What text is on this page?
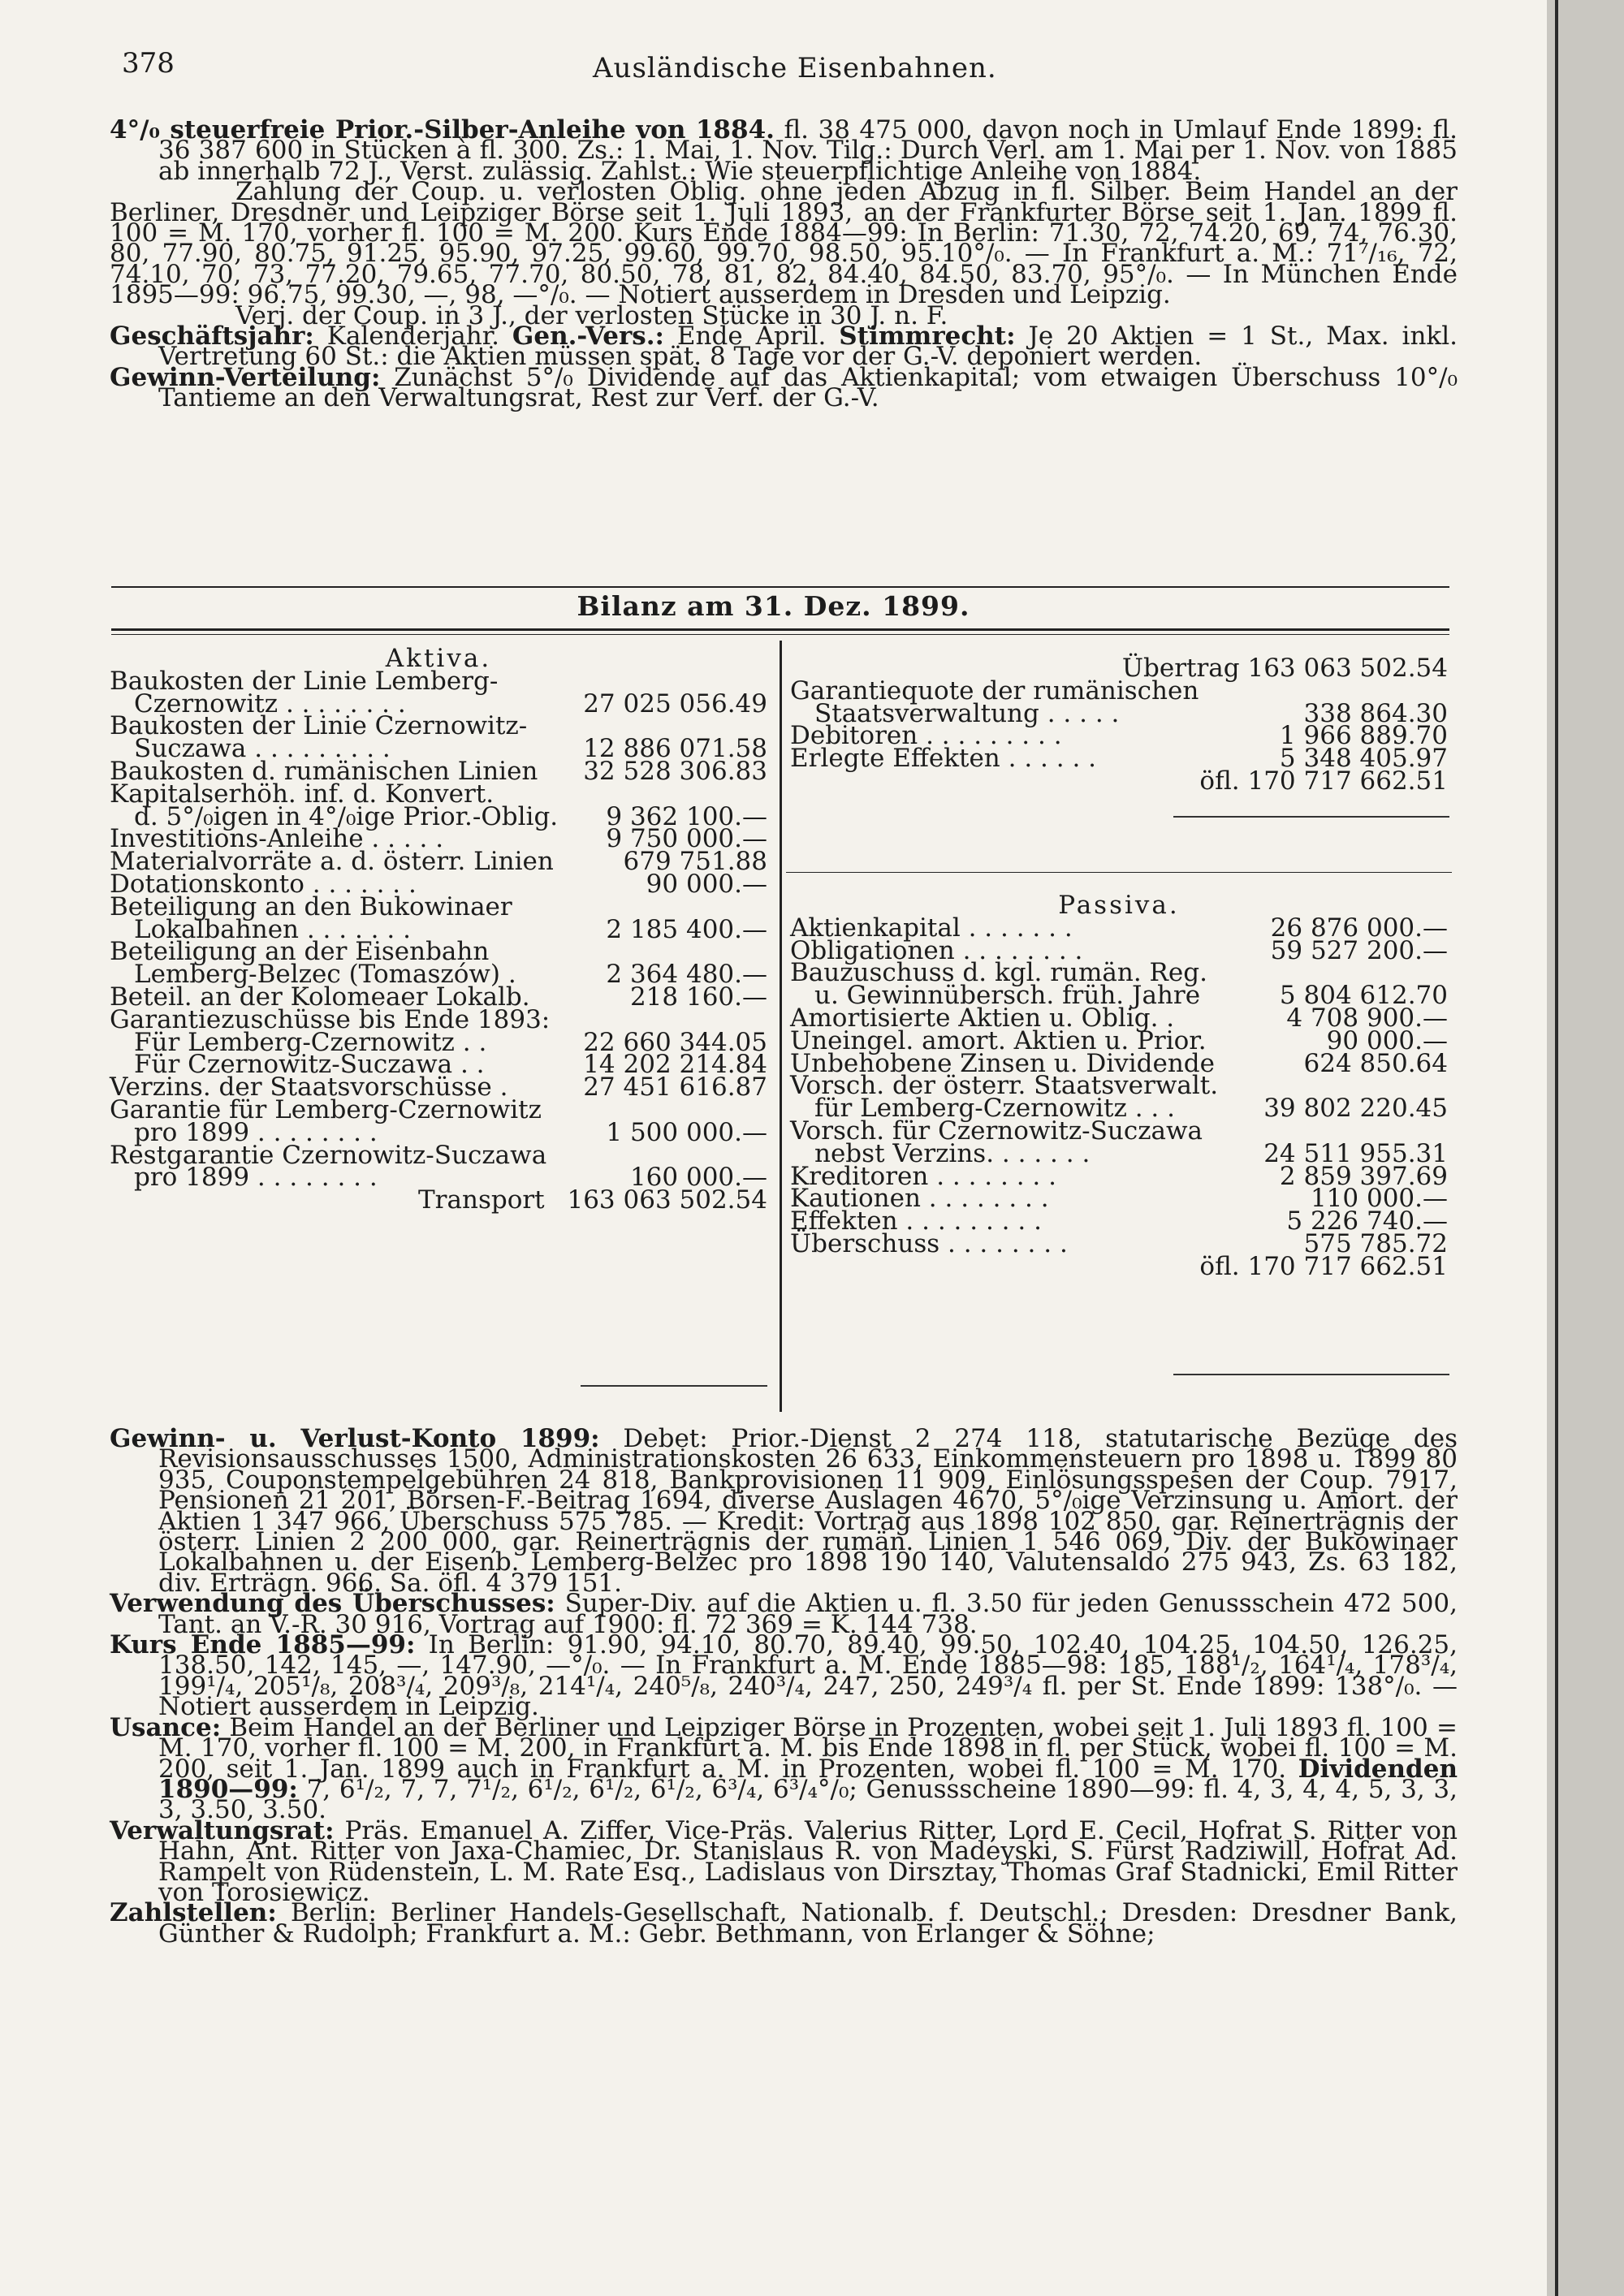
378	Ausländische Eisenbahnen.

4°/₀ steuerfreie Prior.-Silber-Anleihe von 1884. fl. 38 475 000, davon noch in Umlauf Ende 1899: fl. 36 387 600 in Stücken à fl. 300. Zs.: 1. Mai, 1. Nov. Tilg.: Durch Verl. am 1. Mai per 1. Nov. von 1885 ab innerhalb 72 J., Verst. zulässig. Zahlst.: Wie steuerpflichtige Anleihe von 1884.

Zahlung der Coup. u. verlosten Oblig. ohne jeden Abzug in fl. Silber. Beim Handel an der Berliner, Dresdner und Leipziger Börse seit 1. Juli 1893, an der Frankfurter Börse seit 1. Jan. 1899 fl. 100 = M. 170, vorher fl. 100 = M. 200. Kurs Ende 1884—99: In Berlin: 71.30, 72, 74.20, 69, 74, 76.30, 80, 77.90, 80.75, 91.25, 95.90, 97.25, 99.60, 99.70, 98.50, 95.10°/₀. — In Frankfurt a. M.: 71⁷/₁₆, 72, 74.10, 70, 73, 77.20, 79.65, 77.70, 80.50, 78, 81, 82, 84.40, 84.50, 83.70, 95°/₀. — In München Ende 1895—99: 96.75, 99.30, —, 98, —°/₀. — Notiert ausserdem in Dresden und Leipzig.

Verj. der Coup. in 3 J., der verlosten Stücke in 30 J. n. F.

Geschäftsjahr: Kalenderjahr. Gen.-Vers.: Ende April. Stimmrecht: Je 20 Aktien = 1 St., Max. inkl. Vertretung 60 St.: die Aktien müssen spät. 8 Tage vor der G.-V. deponiert werden.

Gewinn-Verteilung: Zunächst 5°/₀ Dividende auf das Aktienkapital; vom etwaigen Überschuss 10°/₀ Tantieme an den Verwaltungsrat, Rest zur Verf. der G.-V.

Bilanz am 31. Dez. 1899.
Aktiva.
Baukosten der Linie Lemberg-
Czernowitz . . . . . . . .	27 025 056.49
Baukosten der Linie Czernowitz-
Suczawa . . . . . . . . .	12 886 071.58
Baukosten d. rumänischen Linien 32 528 306.83
Kapitalserhöh. inf. d. Konvert.
d. 5°/₀igen in 4°/₀ige Prior.-Oblig. 9 362 100.—
Investitions-Anleihe . . . . .	9 750 000.—
Materialvorräte a. d. österr. Linien	679 751.88
Dotationskonto . . . . . . .	90 000.—
Beteiligung an den Bukowinaer
Lokalbahnen . . . . . . .	2 185 400.—
Beteiligung an der Eisenbahn
Lemberg-Belzec (Tomaszów) .	2 364 480.—
Beteil. an der Kolomeaer Lokalb.	218 160.—
Garantiezuschüsse bis Ende 1893:
Für Lemberg-Czernowitz . .	22 660 344.05
Für Czernowitz-Suczawa . .	14 202 214.84
Verzins. der Staatsvorschüsse .	27 451 616.87
Garantie für Lemberg-Czernowitz
pro 1899 . . . . . . . .	1 500 000.—
Restgarantie Czernowitz-Suczawa
pro 1899 . . . . . . . .	160 000.—
Transport 163 063 502.54
Übertrag 163 063 502.54
Garantiequote der rumänischen
Staatsverwaltung . . . . .	338 864.30
Debitoren . . . . . . . . .	1 966 889.70
Erlegte Effekten . . . . . .	5 348 405.97
öfl. 170 717 662.51
Passiva.
Aktienkapital . . . . . . .	26 876 000.—
Obligationen . . . . . . . .	59 527 200.—
Bauzuschuss d. kgl. rumän. Reg.
u. Gewinnübersch. früh. Jahre	5 804 612.70
Amortisierte Aktien u. Oblig. .	4 708 900.—
Uneingel. amort. Aktien u. Prior.	90 000.—
Unbehobene Zinsen u. Dividende	624 850.64
Vorsch. der österr. Staatsverwalt.
für Lemberg-Czernowitz . . .	39 802 220.45
Vorsch. für Czernowitz-Suczawa
nebst Verzins. . . . . . .	24 511 955.31
Kreditoren . . . . . . . .	2 859 397.69
Kautionen . . . . . . . .	110 000.—
Effekten . . . . . . . . .	5 226 740.—
Überschuss . . . . . . . .	575 785.72
öfl. 170 717 662.51

Gewinn- u. Verlust-Konto 1899: Debet: Prior.-Dienst 2 274 118, statutarische Bezüge des Revisionsausschusses 1500, Administrationskosten 26 633, Einkommensteuern pro 1898 u. 1899 80 935, Couponstempelgebühren 24 818, Bankprovisionen 11 909, Einlösungsspesen der Coup. 7917, Pensionen 21 201, Börsen-F.-Beitrag 1694, diverse Auslagen 4670, 5°/₀ige Verzinsung u. Amort. der Aktien 1 347 966, Überschuss 575 785. — Kredit: Vortrag aus 1898 102 850, gar. Reinerträgnis der österr. Linien 2 200 000, gar. Reinerträgnis der rumän. Linien 1 546 069, Div. der Bukowinaer Lokalbahnen u. der Eisenb. Lemberg-Belzec pro 1898 190 140, Valutensaldo 275 943, Zs. 63 182, div. Erträgn. 966. Sa. öfl. 4 379 151.

Verwendung des Überschusses: Super-Div. auf die Aktien u. fl. 3.50 für jeden Genussschein 472 500, Tant. an V.-R. 30 916, Vortrag auf 1900: fl. 72 369 = K. 144 738.

Kurs Ende 1885—99: In Berlin: 91.90, 94.10, 80.70, 89.40, 99.50, 102.40, 104.25, 104.50, 126.25, 138.50, 142, 145, —, 147.90, —°/₀. — In Frankfurt a. M. Ende 1885—98: 185, 188¹/₂, 164¹/₄, 178³/₄, 199¹/₄, 205¹/₈, 208³/₄, 209³/₈, 214¹/₄, 240⁵/₈, 240³/₄, 247, 250, 249³/₄ fl. per St. Ende 1899: 138°/₀. — Notiert ausserdem in Leipzig.

Usance: Beim Handel an der Berliner und Leipziger Börse in Prozenten, wobei seit 1. Juli 1893 fl. 100 = M. 170, vorher fl. 100 = M. 200, in Frankfurt a. M. bis Ende 1898 in fl. per Stück, wobei fl. 100 = M. 200, seit 1. Jan. 1899 auch in Frankfurt a. M. in Prozenten, wobei fl. 100 = M. 170. Dividenden 1890—99: 7, 6¹/₂, 7, 7, 7¹/₂, 6¹/₂, 6¹/₂, 6¹/₂, 6³/₄, 6³/₄°/₀; Genussscheine 1890—99: fl. 4, 3, 4, 4, 5, 3, 3, 3, 3.50, 3.50.

Verwaltungsrat: Präs. Emanuel A. Ziffer, Vice-Präs. Valerius Ritter, Lord E. Cecil, Hofrat S. Ritter von Hahn, Ant. Ritter von Jaxa-Chamiec, Dr. Stanislaus R. von Madeyski, S. Fürst Radziwill, Hofrat Ad. Rampelt von Rüdenstein, L. M. Rate Esq., Ladislaus von Dirsztay, Thomas Graf Stadnicki, Emil Ritter von Torosiewicz.

Zahlstellen: Berlin: Berliner Handels-Gesellschaft, Nationalb. f. Deutschl.; Dresden: Dresdner Bank, Günther & Rudolph; Frankfurt a. M.: Gebr. Bethmann, von Erlanger & Söhne;
